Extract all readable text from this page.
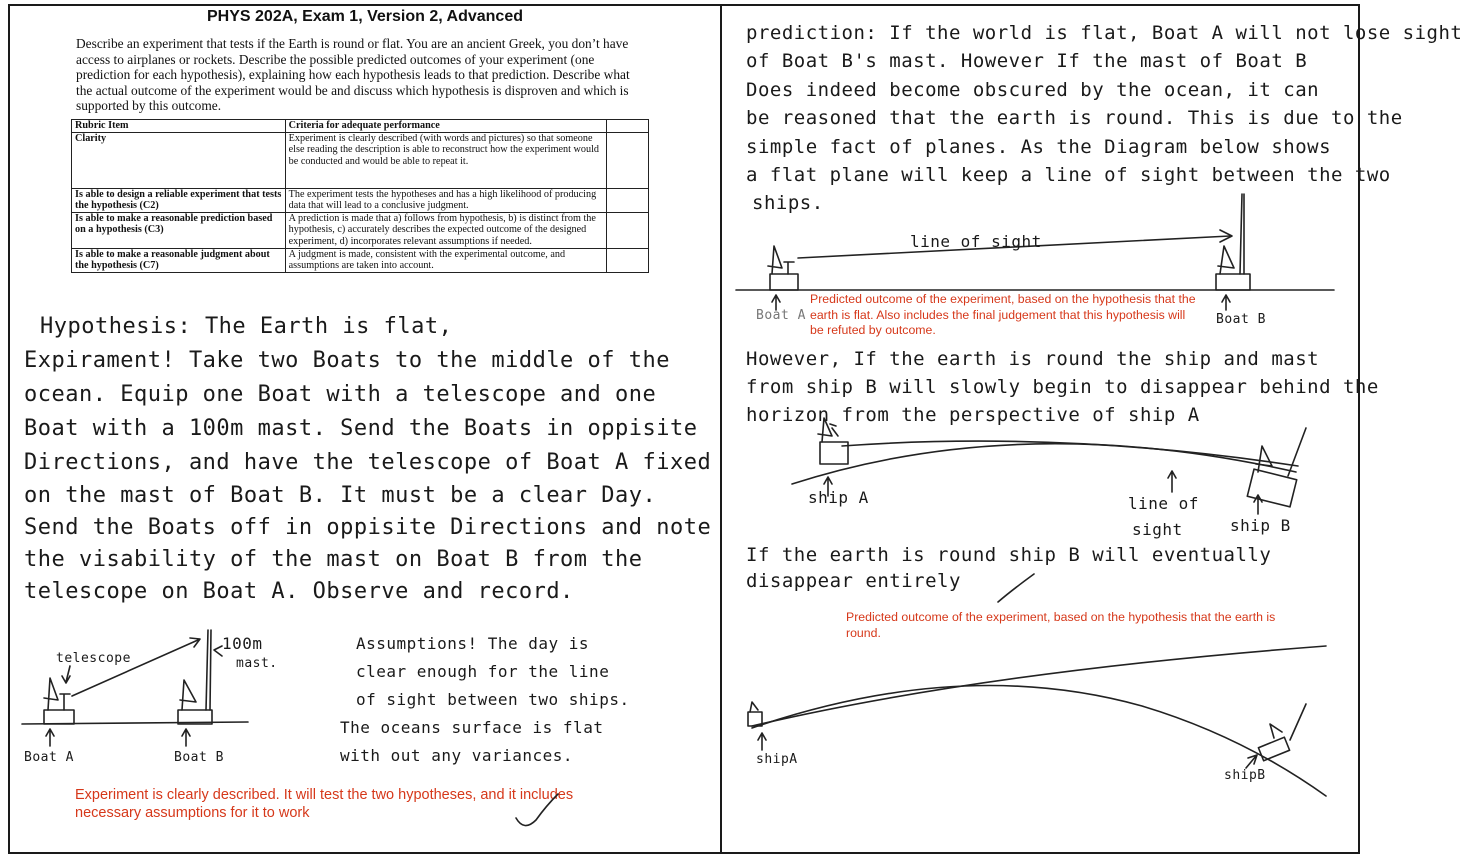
PHYS 202A, Exam 1, Version 2, Advanced
Describe an experiment that tests if the Earth is round or flat. You are an ancient Greek, you don’t have access to airplanes or rockets. Describe the possible predicted outcomes of your experiment (one prediction for each hypothesis), explaining how each hypothesis leads to that prediction. Describe what the actual outcome of the experiment would be and discuss which hypothesis is disproven and which is supported by this outcome.
Rubric Item	Criteria for adequate performance	
Clarity	Experiment is clearly described (with words and pictures) so that someone else reading the description is able to reconstruct how the experiment would be conducted and would be able to repeat it.	
Is able to design a reliable experiment that tests the hypothesis (C2)	The experiment tests the hypotheses and has a high likelihood of producing data that will lead to a conclusive judgment.	
Is able to make a reasonable prediction based on a hypothesis (C3)	A prediction is made that a) follows from hypothesis, b) is distinct from the hypothesis, c) accurately describes the expected outcome of the designed experiment, d) incorporates relevant assumptions if needed.	
Is able to make a reasonable judgment about the hypothesis (C7)	A judgment is made, consistent with the experimental outcome, and assumptions are taken into account.	
Hypothesis: The Earth is flat,
Expirament! Take two Boats to the middle of the
ocean. Equip one Boat with a telescope and one
Boat with a 100m mast. Send the Boats in oppisite
Directions, and have the telescope of Boat A fixed
on the mast of Boat B. It must be a clear Day.
Send the Boats off in oppisite Directions and note
the visability of the mast on Boat B from the
telescope on Boat A. Observe and record.
telescope
100m
mast.
Boat A	Boat B
Assumptions! The day is
clear enough for the line
of sight between two ships.
The oceans surface is flat
with out any variances.
Experiment is clearly described. It will test the two hypotheses, and it includes necessary assumptions for it to work
prediction: If the world is flat, Boat A will not lose sight
of Boat B's mast. However If the mast of Boat B
Does indeed become obscured by the ocean, it can
be reasoned that the earth is round. This is due to the
simple fact of planes. As the Diagram below shows
a flat plane will keep a line of sight between the two
ships.
line of sight
Boat A	Boat B
Predicted outcome of the experiment, based on the hypothesis that the earth is flat. Also includes the final judgement that this hypothesis will be refuted by outcome.
However, If the earth is round the ship and mast
from ship B will slowly begin to disappear behind the
horizon from the perspective of ship A
ship A	line of
sight	ship B
If the earth is round ship B will eventually
disappear entirely
Predicted outcome of the experiment, based on the hypothesis that the earth is round.
shipA
shipB
